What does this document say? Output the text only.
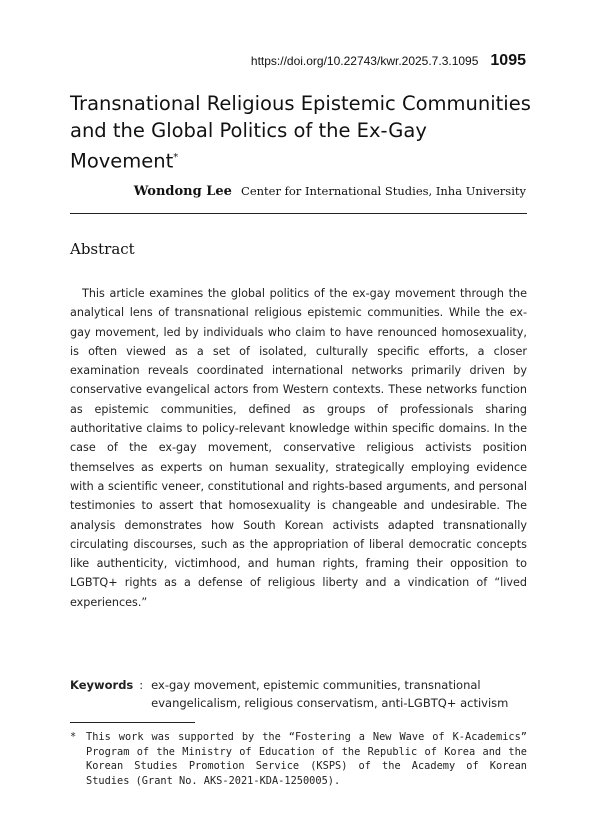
https://doi.org/10.22743/kwr.2025.7.3.1095 1095
Transnational Religious Epistemic Communities and the Global Politics of the Ex-Gay Movement*
Wondong Lee Center for International Studies, Inha University
Abstract

This article examines the global politics of the ex-gay movement through the analytical lens of transnational religious epistemic communities. While the ex-gay movement, led by individuals who claim to have renounced homosexuality, is often viewed as a set of isolated, culturally specific efforts, a closer examination reveals coordinated international networks primarily driven by conservative evangelical actors from Western contexts. These networks function as epistemic communities, defined as groups of professionals sharing authoritative claims to policy-relevant knowledge within specific domains. In the case of the ex-gay movement, conservative religious activists position themselves as experts on human sexuality, strategically employing evidence with a scientific veneer, constitutional and rights-based arguments, and personal testimonies to assert that homosexuality is changeable and undesirable. The analysis demonstrates how South Korean activists adapted transnationally circulating discourses, such as the appropriation of liberal democratic concepts like authenticity, victimhood, and human rights, framing their opposition to LGBTQ+ rights as a defense of religious liberty and a vindication of “lived experiences.”

Keywords : ex-gay movement, epistemic communities, transnational evangelicalism, religious conservatism, anti-LGBTQ+ activism
* This work was supported by the “Fostering a New Wave of K-Academics” Program of the Ministry of Education of the Republic of Korea and the Korean Studies Promotion Service (KSPS) of the Academy of Korean Studies (Grant No. AKS-2021-KDA-1250005).
